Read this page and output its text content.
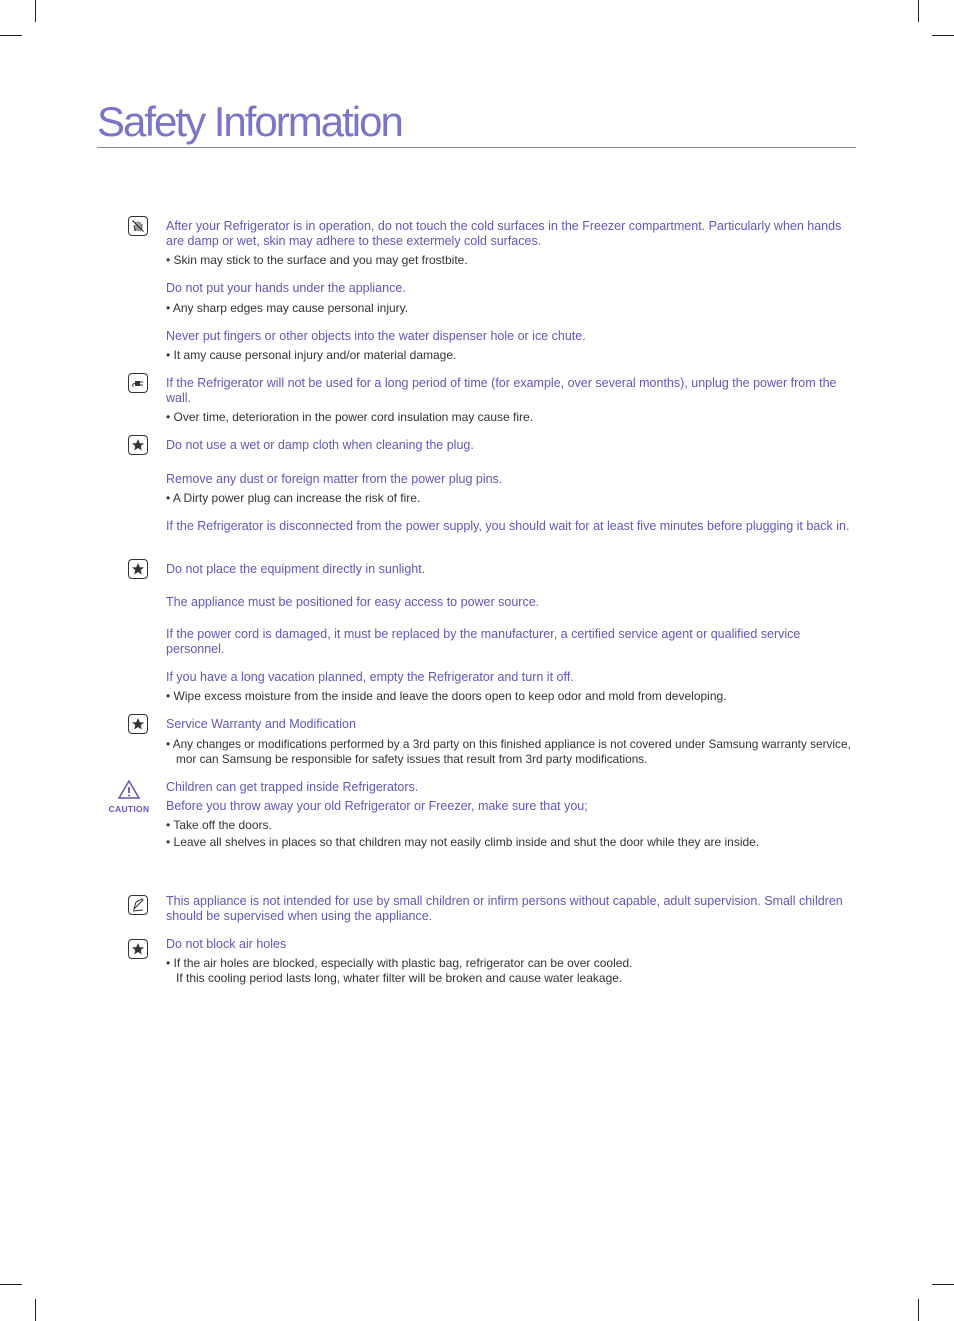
Safety Information
CAUTION

After your Refrigerator is in operation, do not touch the cold surfaces in the Freezer compartment. Particularly when hands are damp or wet, skin may adhere to these extermely cold surfaces.

• Skin may stick to the surface and you may get frostbite.

Do not put your hands under the appliance.

• Any sharp edges may cause personal injury.

Never put fingers or other objects into the water dispenser hole or ice chute.

• It amy cause personal injury and/or material damage.

If the Refrigerator will not be used for a long period of time (for example, over several months), unplug the power from the wall.

• Over time, deterioration in the power cord insulation may cause fire.

Do not use a wet or damp cloth when cleaning the plug.

Remove any dust or foreign matter from the power plug pins.

• A Dirty power plug can increase the risk of fire.

If the Refrigerator is disconnected from the power supply, you should wait for at least five minutes before plugging it back in.

Do not place the equipment directly in sunlight.

The appliance must be positioned for easy access to power source.

If the power cord is damaged, it must be replaced by the manufacturer, a certified service agent or qualified service personnel.

If you have a long vacation planned, empty the Refrigerator and turn it off.

• Wipe excess moisture from the inside and leave the doors open to keep odor and mold from developing.

Service Warranty and Modification

• Any changes or modifications performed by a 3rd party on this finished appliance is not covered under Samsung warranty service, mor can Samsung be responsible for safety issues that result from 3rd party modifications.

Children can get trapped inside Refrigerators.

Before you throw away your old Refrigerator or Freezer, make sure that you;

• Take off the doors.

• Leave all shelves in places so that children may not easily climb inside and shut the door while they are inside.

This appliance is not intended for use by small children or infirm persons without capable, adult supervision. Small children should be supervised when using the appliance.

Do not block air holes

• If the air holes are blocked, especially with plastic bag, refrigerator can be over cooled.

If this cooling period lasts long, whater filter will be broken and cause water leakage.
